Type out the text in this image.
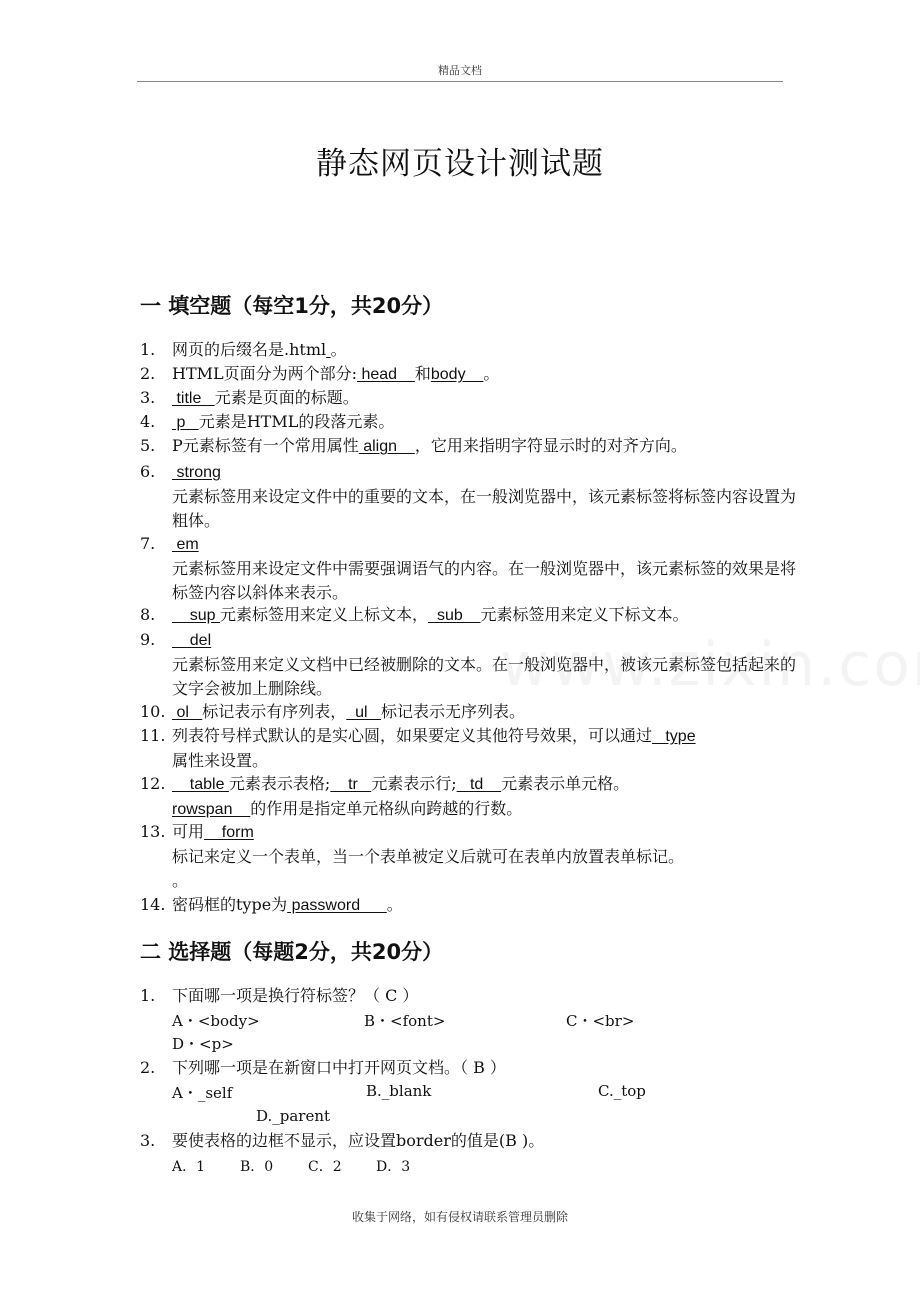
精品文档
静态网页设计测试题
一 填空题（每空1分，共20分）
1. 网页的后缀名是.html 。
2. HTML页面分为两个部分: head    和body    。
3. title   元素是页面的标题。
4. p   元素是HTML的段落元素。
5. P元素标签有一个常用属性 align    ，它用来指明字符显示时的对齐方向。
6. strong
元素标签用来设定文件中的重要的文本，在一般浏览器中，该元素标签将标签内容设置为粗体。
7. em
元素标签用来设定文件中需要强调语气的内容。在一般浏览器中，该元素标签的效果是将标签内容以斜体来表示。
8. sup 元素标签用来定义上标文本，  sub    元素标签用来定义下标文本。
9. del
元素标签用来定义文档中已经被删除的文本。在一般浏览器中，被该元素标签包括起来的文字会被加上删除线。
10. ol   标记表示有序列表，  ul   标记表示无序列表。
11. 列表符号样式默认的是实心圆，如果要定义其他符号效果，可以通过   type
属性来设置。
12. table 元素表示表格;    tr   元素表示行;   td    元素表示单元格。
rowspan    的作用是指定单元格纵向跨越的行数。
13. 可用    form
标记来定义一个表单，当一个表单被定义后就可在表单内放置表单标记。
。
14. 密码框的type为 password      。
二 选择题（每题2分，共20分）
1. 下面哪一项是换行符标签？（ C ）
A・<body>	B・<font>	C・<br>
D・<p>
2. 下列哪一项是在新窗口中打开网页文档。（ B ）
A・_self	B._blank	C._top
D._parent
3. 要使表格的边框不显示，应设置border的值是(B )。
A．1 B．0 C．2 D．3
收集于网络，如有侵权请联系管理员删除
